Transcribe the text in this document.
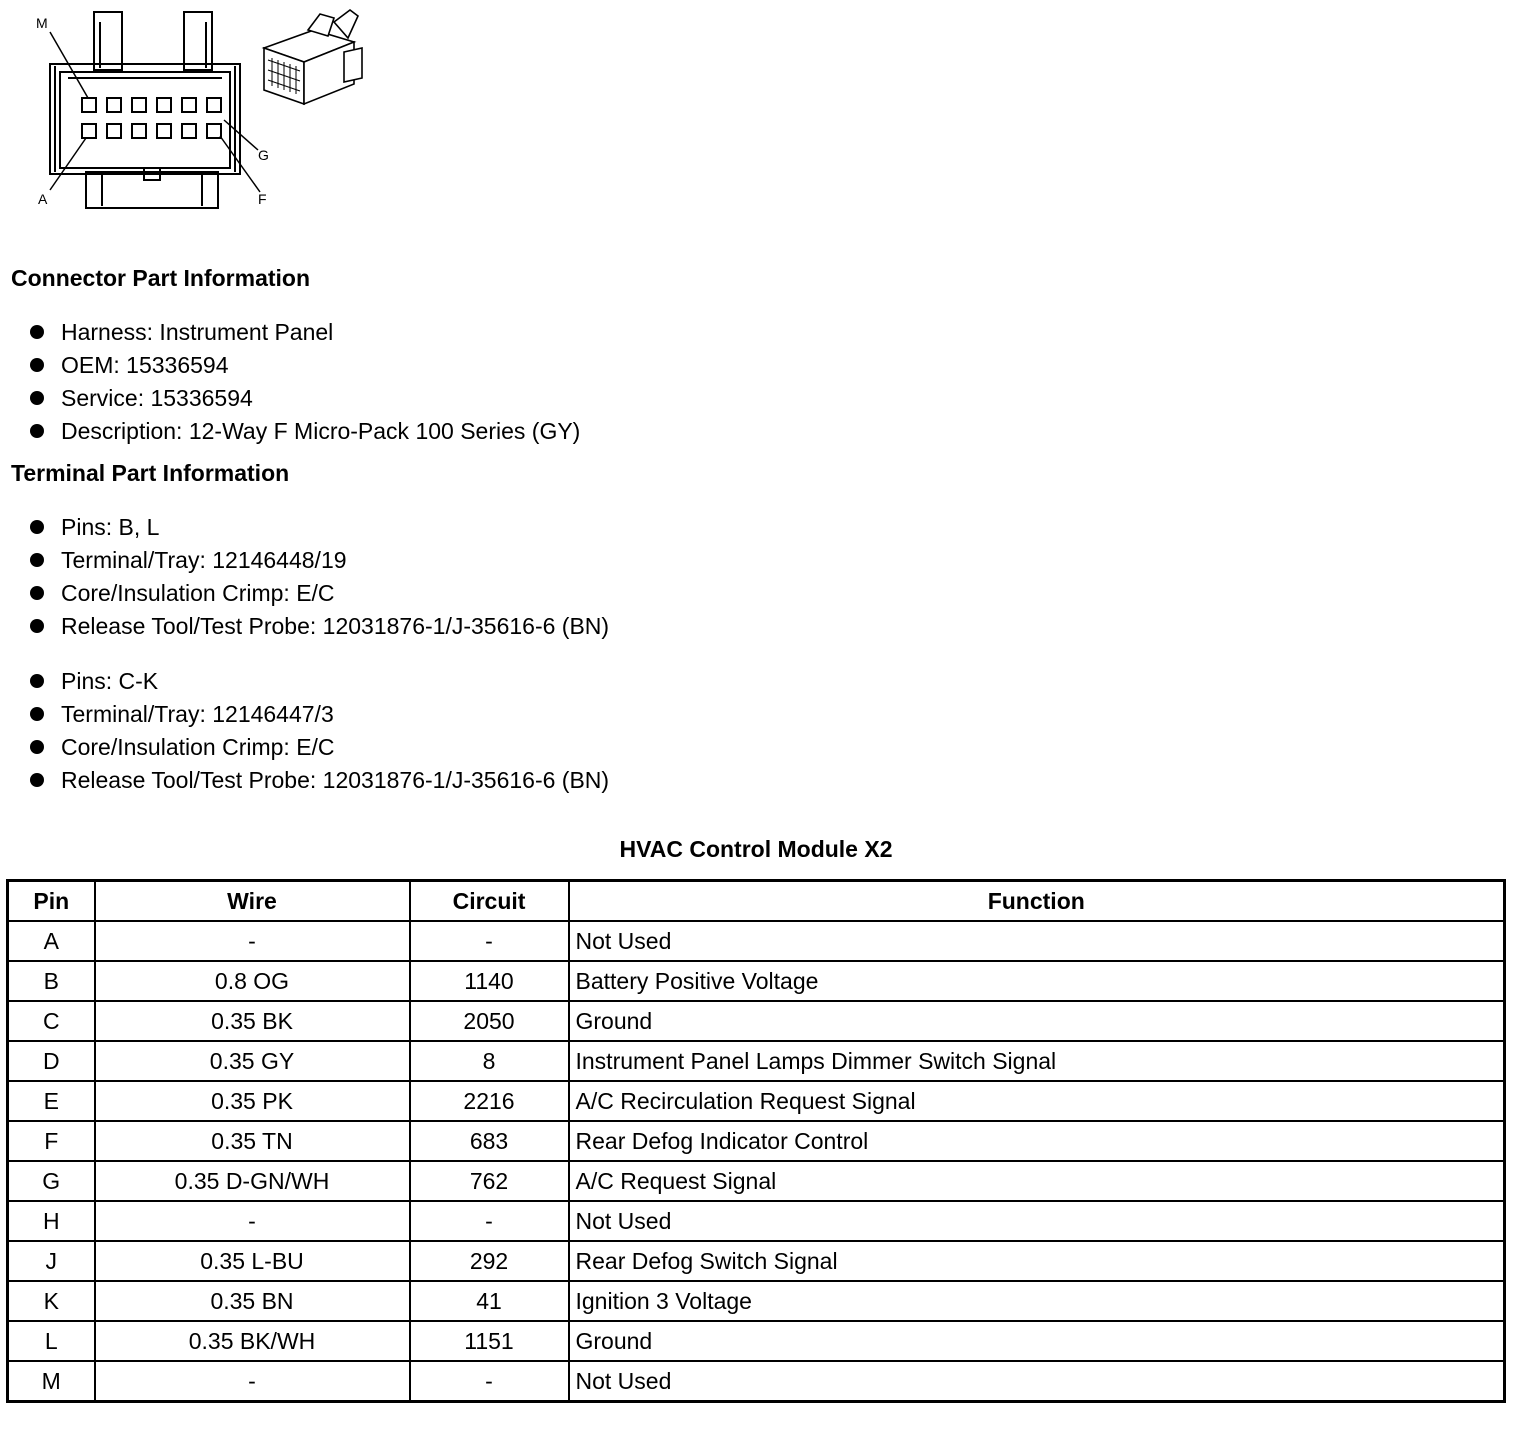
M
G
A	F
Connector Part Information
Harness: Instrument Panel
OEM: 15336594
Service: 15336594
Description: 12-Way F Micro-Pack 100 Series (GY)
Terminal Part Information
Pins: B, L
Terminal/Tray: 12146448/19
Core/Insulation Crimp: E/C
Release Tool/Test Probe: 12031876-1/J-35616-6 (BN)
Pins: C-K
Terminal/Tray: 12146447/3
Core/Insulation Crimp: E/C
Release Tool/Test Probe: 12031876-1/J-35616-6 (BN)
HVAC Control Module X2
Pin	Wire	Circuit	Function
A	-	-	Not Used
B	0.8 OG	1140	Battery Positive Voltage
C	0.35 BK	2050	Ground
D	0.35 GY	8	Instrument Panel Lamps Dimmer Switch Signal
E	0.35 PK	2216	A/C Recirculation Request Signal
F	0.35 TN	683	Rear Defog Indicator Control
G	0.35 D-GN/WH	762	A/C Request Signal
H	-	-	Not Used
J	0.35 L-BU	292	Rear Defog Switch Signal
K	0.35 BN	41	Ignition 3 Voltage
L	0.35 BK/WH	1151	Ground
M	-	-	Not Used
